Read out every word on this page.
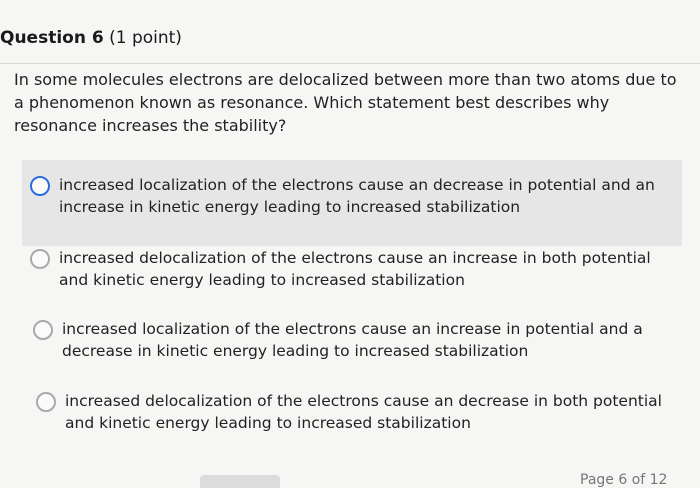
Question 6 (1 point)
In some molecules electrons are delocalized between more than two atoms due to a phenomenon known as resonance. Which statement best describes why resonance increases the stability?
increased localization of the electrons cause an decrease in potential and an increase in kinetic energy leading to increased stabilization
increased delocalization of the electrons cause an increase in both potential and kinetic energy leading to increased stabilization
increased localization of the electrons cause an increase in potential and a decrease in kinetic energy leading to increased stabilization
increased delocalization of the electrons cause an decrease in both potential and kinetic energy leading to increased stabilization
Page 6 of 12
